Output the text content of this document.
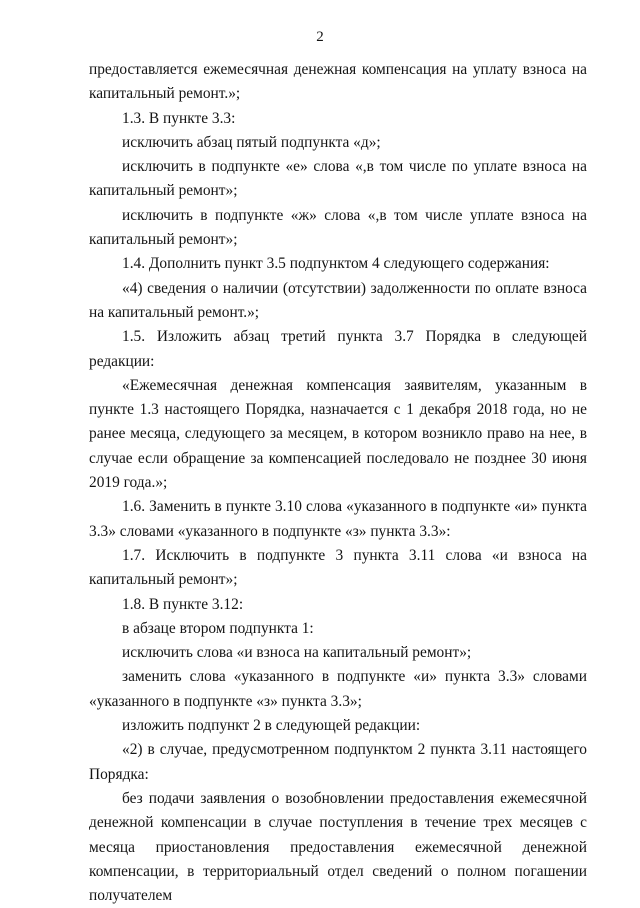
2

предоставляется ежемесячная денежная компенсация на уплату взноса на капитальный ремонт.»;

1.3. В пункте 3.3:

исключить абзац пятый подпункта «д»;

исключить в подпункте «е» слова «,в том числе по уплате взноса на капитальный ремонт»;

исключить в подпункте «ж» слова «,в том числе уплате взноса на капитальный ремонт»;

1.4. Дополнить пункт 3.5 подпунктом 4 следующего содержания:

«4) сведения о наличии (отсутствии) задолженности по оплате взноса на капитальный ремонт.»;

1.5. Изложить абзац третий пункта 3.7 Порядка в следующей редакции:

«Ежемесячная денежная компенсация заявителям, указанным в пункте 1.3 настоящего Порядка, назначается с 1 декабря 2018 года, но не ранее месяца, следующего за месяцем, в котором возникло право на нее, в случае если обращение за компенсацией последовало не позднее 30 июня 2019 года.»;

1.6. Заменить в пункте 3.10 слова «указанного в подпункте «и» пункта 3.3» словами «указанного в подпункте «з» пункта 3.3»:

1.7. Исключить в подпункте 3 пункта 3.11 слова «и взноса на капитальный ремонт»;

1.8. В пункте 3.12:

в абзаце втором подпункта 1:

исключить слова «и взноса на капитальный ремонт»;

заменить слова «указанного в подпункте «и» пункта 3.3» словами «указанного в подпункте «з» пункта 3.3»;

изложить подпункт 2 в следующей редакции:

«2) в случае, предусмотренном подпунктом 2 пункта 3.11 настоящего Порядка:

без подачи заявления о возобновлении предоставления ежемесячной денежной компенсации в случае поступления в течение трех месяцев с месяца приостановления предоставления ежемесячной денежной компенсации, в территориальный отдел сведений о полном погашении получателем
